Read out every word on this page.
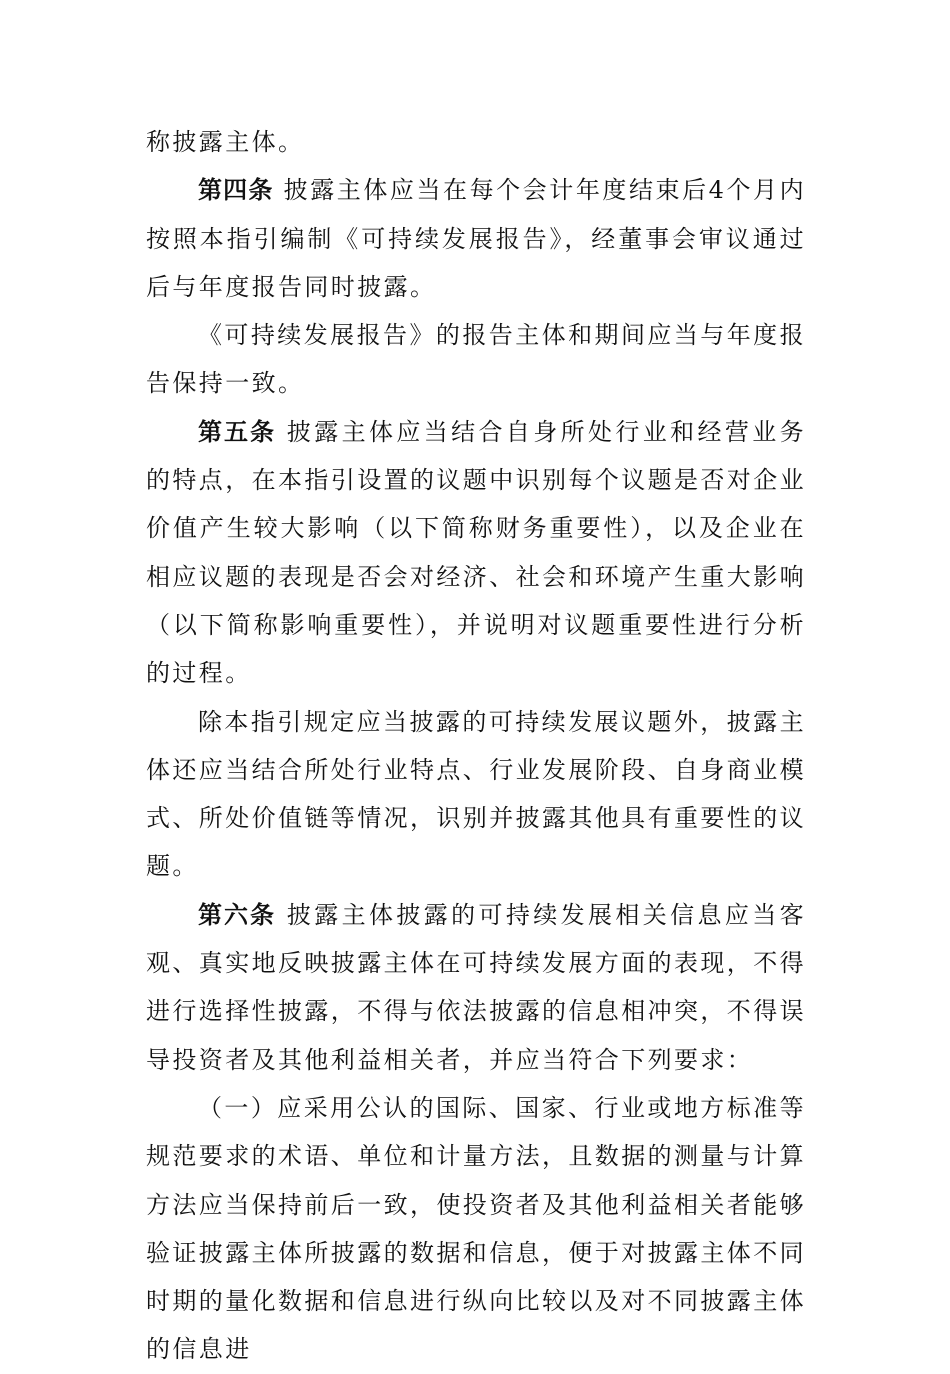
称披露主体。

第四条 披露主体应当在每个会计年度结束后4个月内按照本指引编制《可持续发展报告》，经董事会审议通过后与年度报告同时披露。

《可持续发展报告》的报告主体和期间应当与年度报告保持一致。

第五条 披露主体应当结合自身所处行业和经营业务的特点，在本指引设置的议题中识别每个议题是否对企业价值产生较大影响（以下简称财务重要性），以及企业在相应议题的表现是否会对经济、社会和环境产生重大影响（以下简称影响重要性），并说明对议题重要性进行分析的过程。

除本指引规定应当披露的可持续发展议题外，披露主体还应当结合所处行业特点、行业发展阶段、自身商业模式、所处价值链等情况，识别并披露其他具有重要性的议题。

第六条 披露主体披露的可持续发展相关信息应当客观、真实地反映披露主体在可持续发展方面的表现，不得进行选择性披露，不得与依法披露的信息相冲突，不得误导投资者及其他利益相关者，并应当符合下列要求：

（一）应采用公认的国际、国家、行业或地方标准等规范要求的术语、单位和计量方法，且数据的测量与计算方法应当保持前后一致，使投资者及其他利益相关者能够验证披露主体所披露的数据和信息，便于对披露主体不同时期的量化数据和信息进行纵向比较以及对不同披露主体的信息进
